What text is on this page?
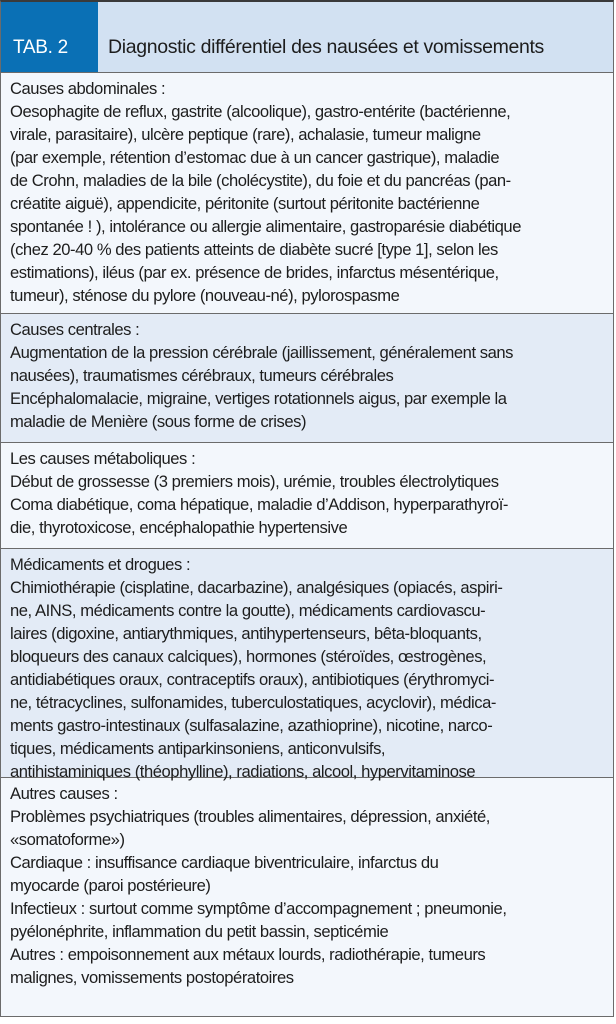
TAB. 2	Diagnostic différentiel des nausées et vomissements
Causes abdominales :
Oesophagite de reflux, gastrite (alcoolique), gastro-entérite (bactérienne,
virale, parasitaire), ulcère peptique (rare), achalasie, tumeur maligne
(par exemple, rétention d’estomac due à un cancer gastrique), maladie
de Crohn, maladies de la bile (cholécystite), du foie et du pancréas (pan-
créatite aiguë), appendicite, péritonite (surtout péritonite bactérienne
spontanée ! ), intolérance ou allergie alimentaire, gastroparésie diabétique
(chez 20-40 % des patients atteints de diabète sucré [type 1], selon les
estimations), iléus (par ex. présence de brides, infarctus mésentérique,
tumeur), sténose du pylore (nouveau-né), pylorospasme
Causes centrales :
Augmentation de la pression cérébrale (jaillissement, généralement sans
nausées), traumatismes cérébraux, tumeurs cérébrales
Encéphalomalacie, migraine, vertiges rotationnels aigus, par exemple la
maladie de Menière (sous forme de crises)
Les causes métaboliques :
Début de grossesse (3 premiers mois), urémie, troubles électrolytiques
Coma diabétique, coma hépatique, maladie d’Addison, hyperparathyroï-
die, thyrotoxicose, encéphalopathie hypertensive
Médicaments et drogues :
Chimiothérapie (cisplatine, dacarbazine), analgésiques (opiacés, aspiri-
ne, AINS, médicaments contre la goutte), médicaments cardiovascu-
laires (digoxine, antiarythmiques, antihypertenseurs, bêta-bloquants,
bloqueurs des canaux calciques), hormones (stéroïdes, œstrogènes,
antidiabétiques oraux, contraceptifs oraux), antibiotiques (érythromyci-
ne, tétracyclines, sulfonamides, tuberculostatiques, acyclovir), médica-
ments gastro-intestinaux (sulfasalazine, azathioprine), nicotine, narco-
tiques, médicaments antiparkinsoniens, anticonvulsifs,
antihistaminiques (théophylline), radiations, alcool, hypervitaminose
Autres causes :
Problèmes psychiatriques (troubles alimentaires, dépression, anxiété,
«somatoforme»)
Cardiaque : insuffisance cardiaque biventriculaire, infarctus du
myocarde (paroi postérieure)
Infectieux : surtout comme symptôme d’accompagnement ; pneumonie,
pyélonéphrite, inflammation du petit bassin, septicémie
Autres : empoisonnement aux métaux lourds, radiothérapie, tumeurs
malignes, vomissements postopératoires
